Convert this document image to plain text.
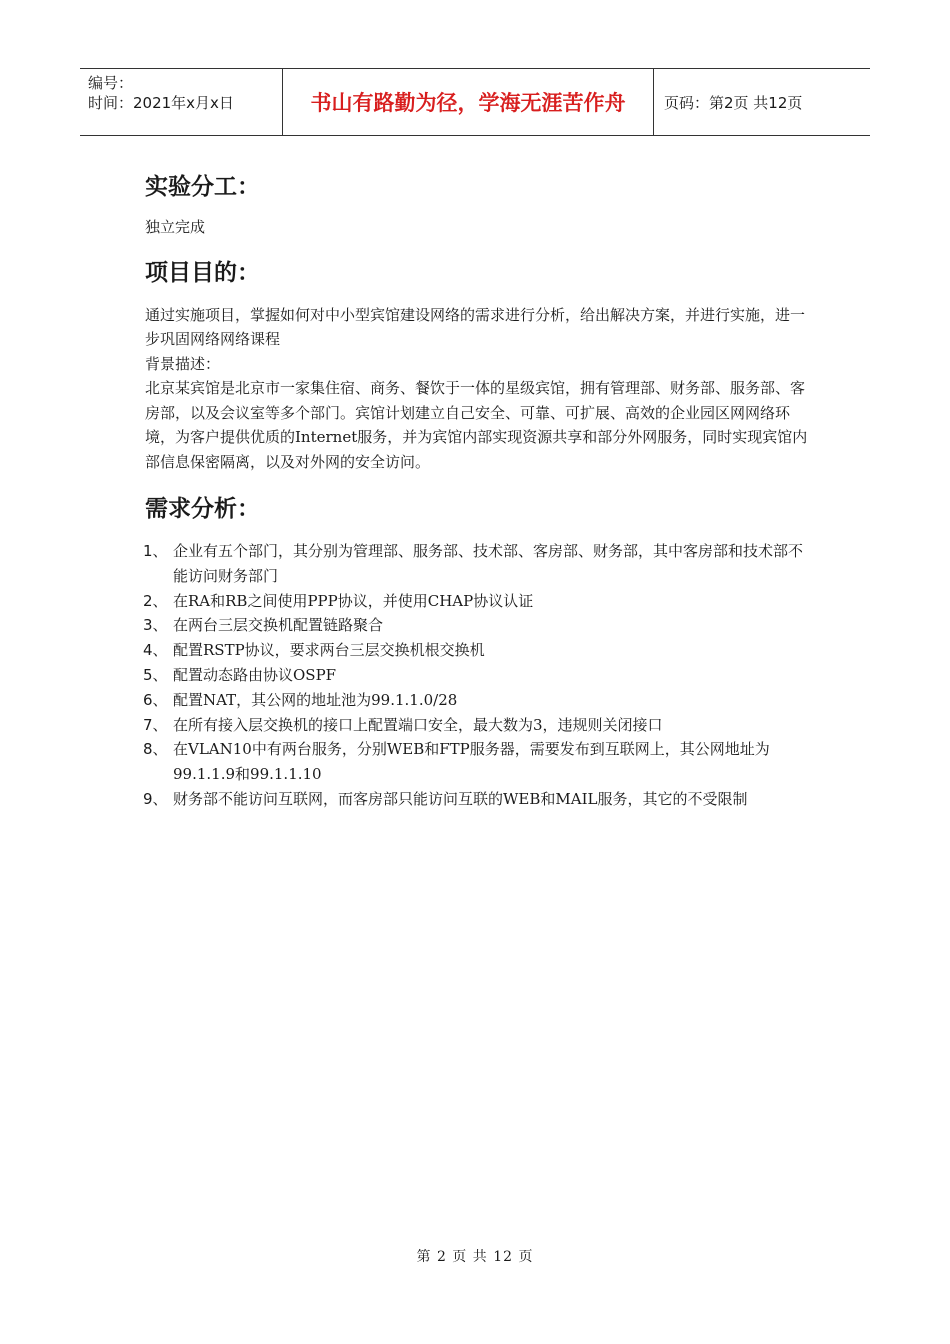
编号：
时间：2021年x月x日	书山有路勤为径，学海无涯苦作舟	页码：第2页 共12页
实验分工：

独立完成

项目目的：

通过实施项目，掌握如何对中小型宾馆建设网络的需求进行分析，给出解决方案，并进行实施，进一步巩固网络网络课程

背景描述：

北京某宾馆是北京市一家集住宿、商务、餐饮于一体的星级宾馆，拥有管理部、财务部、服务部、客房部，以及会议室等多个部门。宾馆计划建立自己安全、可靠、可扩展、高效的企业园区网网络环境，为客户提供优质的Internet服务，并为宾馆内部实现资源共享和部分外网服务，同时实现宾馆内部信息保密隔离，以及对外网的安全访问。

需求分析：
1、 企业有五个部门，其分别为管理部、服务部、技术部、客房部、财务部，其中客房部和技术部不能访问财务部门
2、 在RA和RB之间使用PPP协议，并使用CHAP协议认证
3、 在两台三层交换机配置链路聚合
4、 配置RSTP协议，要求两台三层交换机根交换机
5、 配置动态路由协议OSPF
6、 配置NAT，其公网的地址池为99.1.1.0/28
7、 在所有接入层交换机的接口上配置端口安全，最大数为3，违规则关闭接口
8、 在VLAN10中有两台服务，分别WEB和FTP服务器，需要发布到互联网上，其公网地址为99.1.1.9和99.1.1.10
9、 财务部不能访问互联网，而客房部只能访问互联的WEB和MAIL服务，其它的不受限制
第 2 页 共 12 页
